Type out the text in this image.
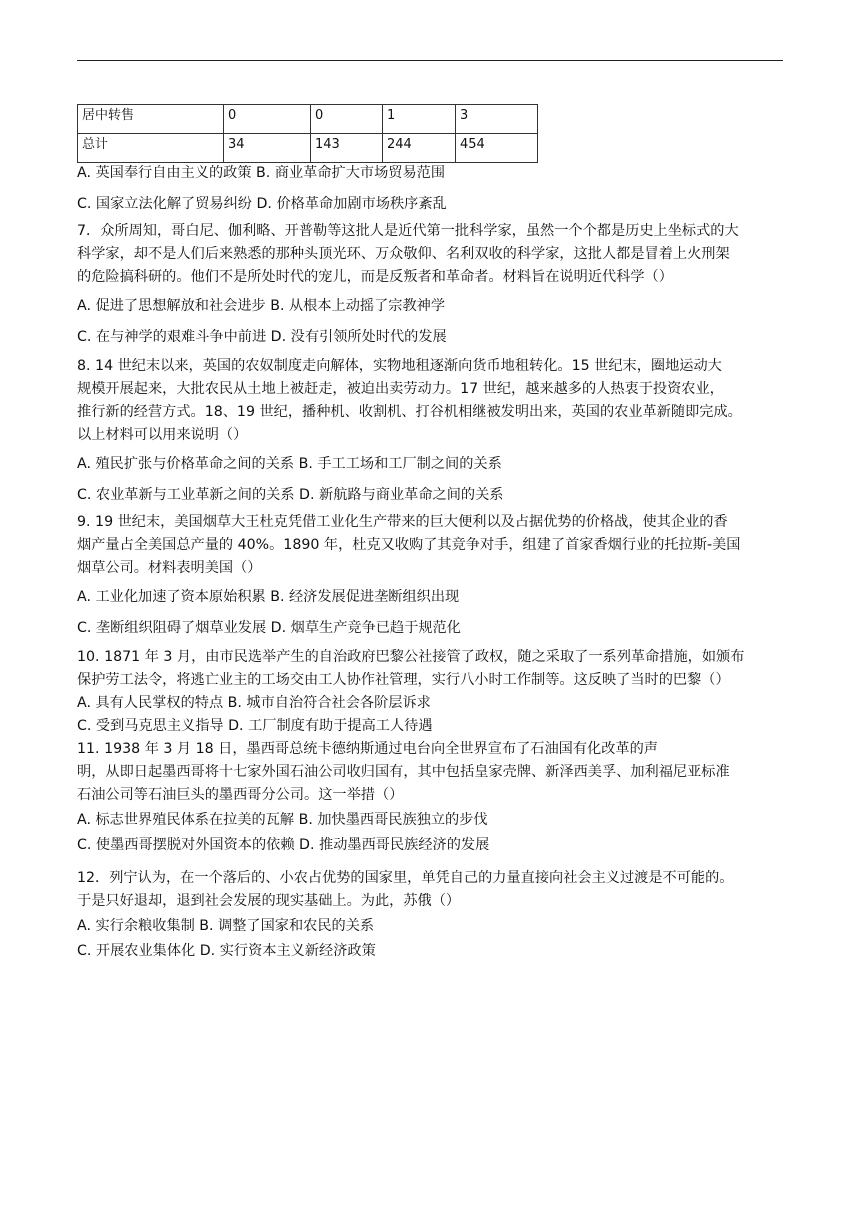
居中转售	0	0	1	3
总计	34	143	244	454
A. 英国奉行自由主义的政策 B. 商业革命扩大市场贸易范围
C. 国家立法化解了贸易纠纷 D. 价格革命加剧市场秩序紊乱
7．众所周知，哥白尼、伽利略、开普勒等这批人是近代第一批科学家，虽然一个个都是历史上坐标式的大
科学家，却不是人们后来熟悉的那种头顶光环、万众敬仰、名利双收的科学家，这批人都是冒着上火刑架
的危险搞科研的。他们不是所处时代的宠儿，而是反叛者和革命者。材料旨在说明近代科学（）
A. 促进了思想解放和社会进步 B. 从根本上动摇了宗教神学
C. 在与神学的艰难斗争中前进 D. 没有引领所处时代的发展
8. 14 世纪末以来，英国的农奴制度走向解体，实物地租逐渐向货币地租转化。15 世纪末，圈地运动大
规模开展起来，大批农民从土地上被赶走，被迫出卖劳动力。17 世纪，越来越多的人热衷于投资农业，
推行新的经营方式。18、19 世纪，播种机、收割机、打谷机相继被发明出来，英国的农业革新随即完成。
以上材料可以用来说明（）
A. 殖民扩张与价格革命之间的关系 B. 手工工场和工厂制之间的关系
C. 农业革新与工业革新之间的关系 D. 新航路与商业革命之间的关系
9. 19 世纪末，美国烟草大王杜克凭借工业化生产带来的巨大便利以及占据优势的价格战，使其企业的香
烟产量占全美国总产量的 40%。1890 年，杜克又收购了其竞争对手，组建了首家香烟行业的托拉斯-美国
烟草公司。材料表明美国（）
A. 工业化加速了资本原始积累 B. 经济发展促进垄断组织出现
C. 垄断组织阻碍了烟草业发展 D. 烟草生产竞争已趋于规范化
10. 1871 年 3 月，由市民选举产生的自治政府巴黎公社接管了政权，随之采取了一系列革命措施，如颁布
保护劳工法令，将逃亡业主的工场交由工人协作社管理，实行八小时工作制等。这反映了当时的巴黎（）
A. 具有人民掌权的特点 B. 城市自治符合社会各阶层诉求
C. 受到马克思主义指导 D. 工厂制度有助于提高工人待遇
11. 1938 年 3 月 18 日，墨西哥总统卡德纳斯通过电台向全世界宣布了石油国有化改革的声
明，从即日起墨西哥将十七家外国石油公司收归国有，其中包括皇家壳牌、新泽西美孚、加利福尼亚标准
石油公司等石油巨头的墨西哥分公司。这一举措（）
A. 标志世界殖民体系在拉美的瓦解 B. 加快墨西哥民族独立的步伐
C. 使墨西哥摆脱对外国资本的依赖 D. 推动墨西哥民族经济的发展
12．列宁认为，在一个落后的、小农占优势的国家里，单凭自己的力量直接向社会主义过渡是不可能的。
于是只好退却，退到社会发展的现实基础上。为此，苏俄（）
A. 实行余粮收集制 B. 调整了国家和农民的关系
C. 开展农业集体化 D. 实行资本主义新经济政策
